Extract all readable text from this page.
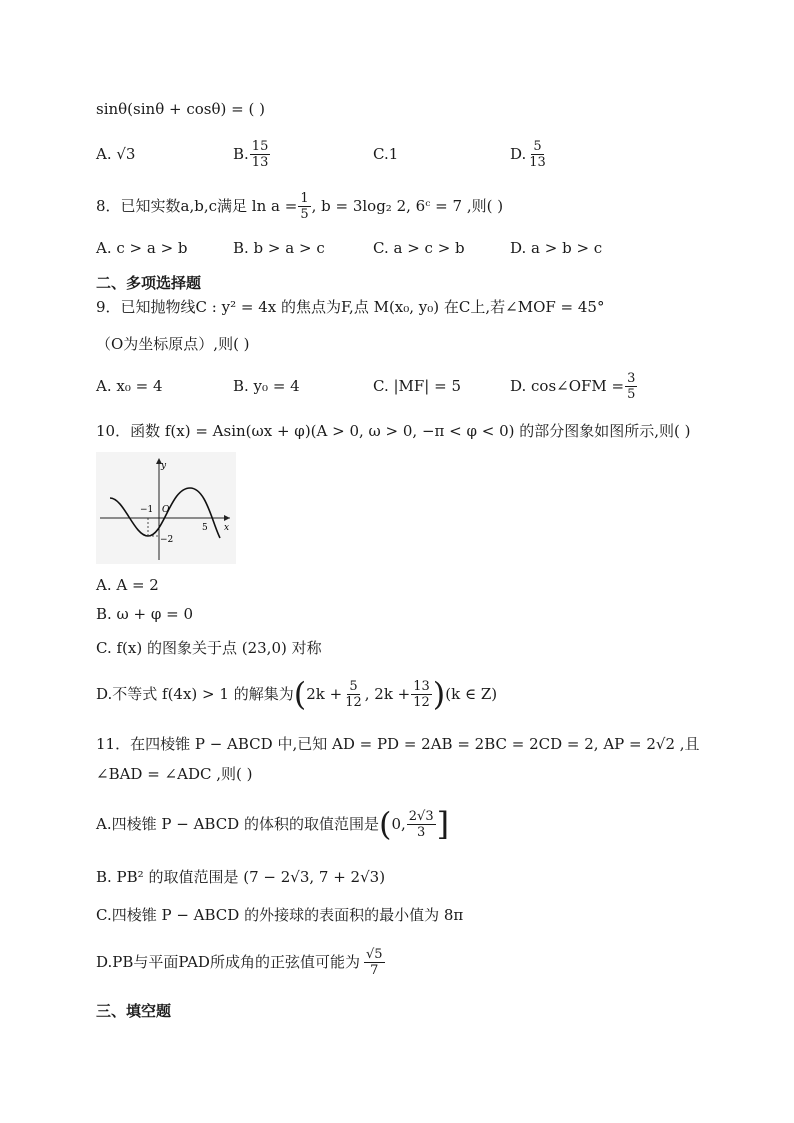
sinθ(sinθ + cosθ) = ( )
A. √3	B. $\frac{15}{13}$	C.1	D. $\frac{5}{13}$
8．已知实数a,b,c满足 $\ln a = \frac{1}{5}$ , b = 3log₂ 2, 6ᶜ = 7 ,则( )
A. c > a > b	B. b > a > c	C. a > c > b	D. a > b > c
二、多项选择题
9．已知抛物线C : y² = 4x 的焦点为F,点 M(x₀, y₀) 在C上,若∠MOF = 45°
（O为坐标原点）,则( )
A. x₀ = 4	B. y₀ = 4	C. |MF| = 5	D. cos∠OFM = $\frac{3}{5}$
10．函数 f(x) = Asin(ωx + φ)(A > 0, ω > 0, −π < φ < 0) 的部分图象如图所示,则( )
y
x
O
−1
5
−2
A. A = 2
B. ω + φ = 0
C. f(x) 的图象关于点 (23,0) 对称
D.不等式 f(4x) > 1 的解集为 ( $2k + \frac{5}{12}$ , $2k + \frac{13}{12}$ ) (k ∈ Z)
11．在四棱锥 P − ABCD 中,已知 AD = PD = 2AB = 2BC = 2CD = 2, AP = 2√2 ,且
∠BAD = ∠ADC ,则( )
A.四棱锥 P − ABCD 的体积的取值范围是 ( 0, $\frac{2√3}{3}$ ]
B. PB² 的取值范围是 (7 − 2√3, 7 + 2√3)
C.四棱锥 P − ABCD 的外接球的表面积的最小值为 8π
D.PB与平面PAD所成角的正弦值可能为 $\frac{√5}{7}$
三、填空题
